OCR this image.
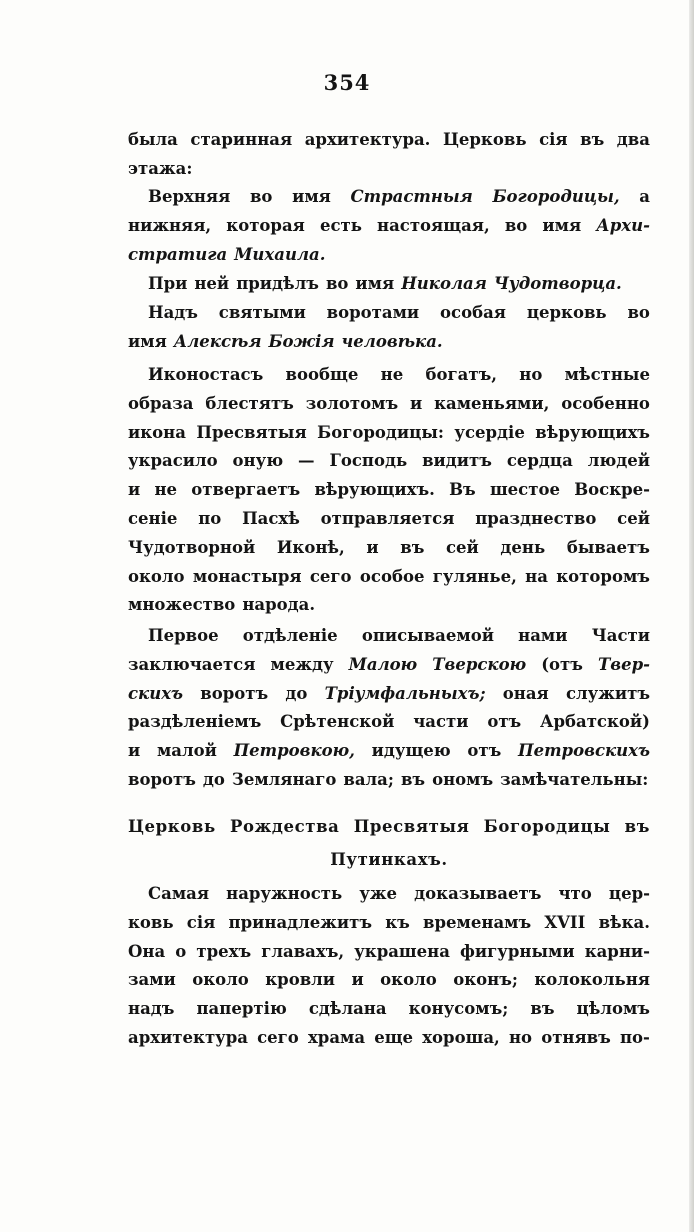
354
была старинная архитектура. Церковь сія въ два
этажа:
Верхняя во имя Страстныя Богородицы, а
нижняя, которая есть настоящая, во имя Архи-
стратига Михаила.
При ней придѣлъ во имя Николая Чудотворца.
Надъ святыми воротами особая церковь во
имя Алексѣя Божія человѣка.
Иконостасъ вообще не богатъ, но мѣстные
образа блестятъ золотомъ и каменьями, особенно
икона Пресвятыя Богородицы: усердіе вѣрующихъ
украсило оную — Господь видитъ сердца людей
и не отвергаетъ вѣрующихъ. Въ шестое Воскре-
сеніе по Пасхѣ отправляется празднество сей
Чудотворной Иконѣ, и въ сей день бываетъ
около монастыря сего особое гулянье, на которомъ
множество народа.
Первое отдѣленіе описываемой нами Части
заключается между Малою Тверскою (отъ Твер-
скихъ воротъ до Тріумфальныхъ; оная служитъ
раздѣленіемъ Срѣтенской части отъ Арбатской)
и малой Петровкою, идущею отъ Петровскихъ
воротъ до Землянаго вала; въ ономъ замѣчательны:
Церковь Рождества Пресвятыя Богородицы въ
Путинкахъ.
Самая наружность уже доказываетъ что цер-
ковь сія принадлежитъ къ временамъ XVII вѣка.
Она о трехъ главахъ, украшена фигурными карни-
зами около кровли и около оконъ; колокольня
надъ папертію сдѣлана конусомъ; въ цѣломъ
архитектура сего храма еще хороша, но отнявъ по-
